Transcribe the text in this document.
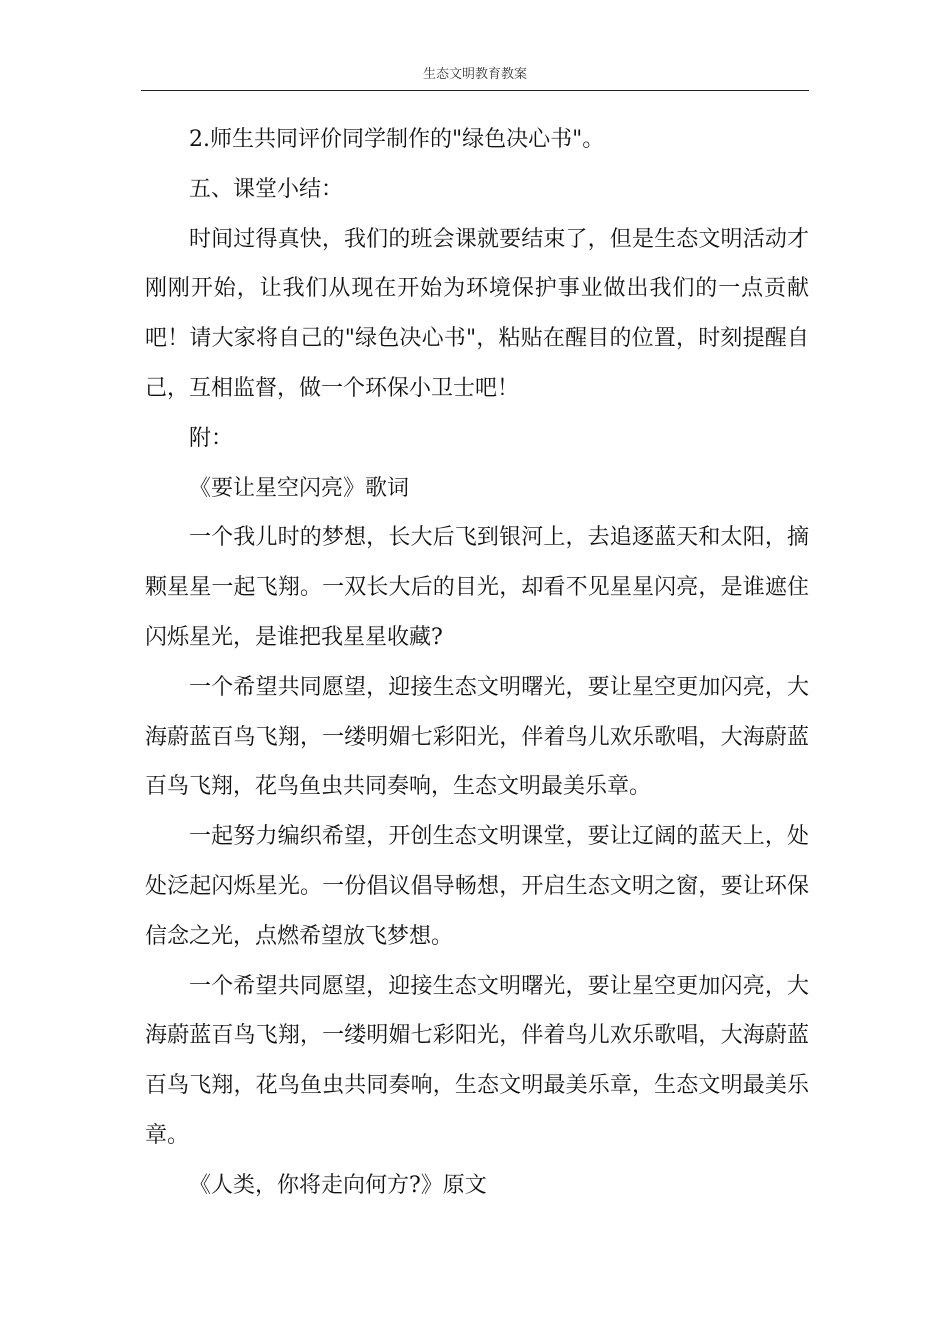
生态文明教育教案

2.师生共同评价同学制作的"绿色决心书"。

五、课堂小结：

时间过得真快，我们的班会课就要结束了，但是生态文明活动才刚刚开始，让我们从现在开始为环境保护事业做出我们的一点贡献吧！请大家将自己的"绿色决心书"，粘贴在醒目的位置，时刻提醒自己，互相监督，做一个环保小卫士吧！

附：

《要让星空闪亮》歌词

一个我儿时的梦想，长大后飞到银河上，去追逐蓝天和太阳，摘颗星星一起飞翔。一双长大后的目光，却看不见星星闪亮，是谁遮住闪烁星光，是谁把我星星收藏?

一个希望共同愿望，迎接生态文明曙光，要让星空更加闪亮，大海蔚蓝百鸟飞翔，一缕明媚七彩阳光，伴着鸟儿欢乐歌唱，大海蔚蓝百鸟飞翔，花鸟鱼虫共同奏响，生态文明最美乐章。

一起努力编织希望，开创生态文明课堂，要让辽阔的蓝天上，处处泛起闪烁星光。一份倡议倡导畅想，开启生态文明之窗，要让环保信念之光，点燃希望放飞梦想。

一个希望共同愿望，迎接生态文明曙光，要让星空更加闪亮，大海蔚蓝百鸟飞翔，一缕明媚七彩阳光，伴着鸟儿欢乐歌唱，大海蔚蓝百鸟飞翔，花鸟鱼虫共同奏响，生态文明最美乐章，生态文明最美乐章。

《人类，你将走向何方?》原文
